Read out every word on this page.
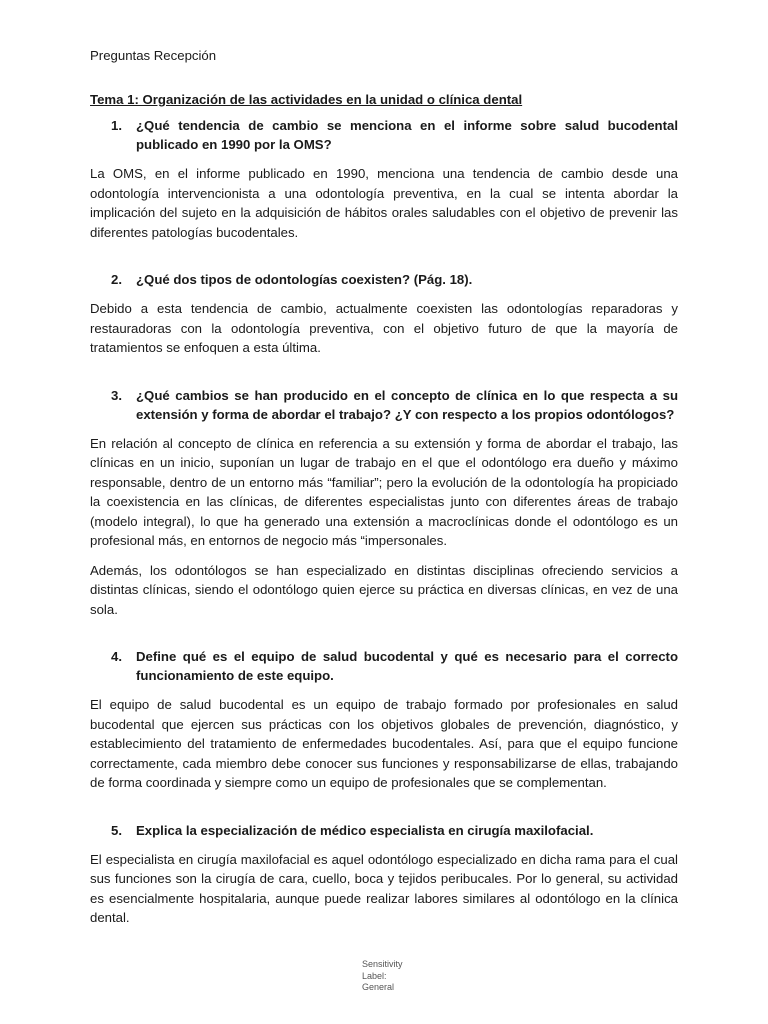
Preguntas Recepción
Tema 1: Organización de las actividades en la unidad o clínica dental
1.	¿Qué tendencia de cambio se menciona en el informe sobre salud bucodental publicado en 1990 por la OMS?

La OMS, en el informe publicado en 1990, menciona una tendencia de cambio desde una odontología intervencionista a una odontología preventiva, en la cual se intenta abordar la implicación del sujeto en la adquisición de hábitos orales saludables con el objetivo de prevenir las diferentes patologías bucodentales.

2.	¿Qué dos tipos de odontologías coexisten? (Pág. 18).

Debido a esta tendencia de cambio, actualmente coexisten las odontologías reparadoras y restauradoras con la odontología preventiva, con el objetivo futuro de que la mayoría de tratamientos se enfoquen a esta última.

3.	¿Qué cambios se han producido en el concepto de clínica en lo que respecta a su extensión y forma de abordar el trabajo? ¿Y con respecto a los propios odontólogos?

En relación al concepto de clínica en referencia a su extensión y forma de abordar el trabajo, las clínicas en un inicio, suponían un lugar de trabajo en el que el odontólogo era dueño y máximo responsable, dentro de un entorno más “familiar”; pero la evolución de la odontología ha propiciado la coexistencia en las clínicas, de diferentes especialistas junto con diferentes áreas de trabajo (modelo integral), lo que ha generado una extensión a macroclínicas donde el odontólogo es un profesional más, en entornos de negocio más “impersonales.

Además, los odontólogos se han especializado en distintas disciplinas ofreciendo servicios a distintas clínicas, siendo el odontólogo quien ejerce su práctica en diversas clínicas, en vez de una sola.

4.	Define qué es el equipo de salud bucodental y qué es necesario para el correcto funcionamiento de este equipo.

El equipo de salud bucodental es un equipo de trabajo formado por profesionales en salud bucodental que ejercen sus prácticas con los objetivos globales de prevención, diagnóstico, y establecimiento del tratamiento de enfermedades bucodentales. Así, para que el equipo funcione correctamente, cada miembro debe conocer sus funciones y responsabilizarse de ellas, trabajando de forma coordinada y siempre como un equipo de profesionales que se complementan.

5.	Explica la especialización de médico especialista en cirugía maxilofacial.

El especialista en cirugía maxilofacial es aquel odontólogo especializado en dicha rama para el cual sus funciones son la cirugía de cara, cuello, boca y tejidos peribucales. Por lo general, su actividad es esencialmente hospitalaria, aunque puede realizar labores similares al odontólogo en la clínica dental.

Sensitivity Label: General
